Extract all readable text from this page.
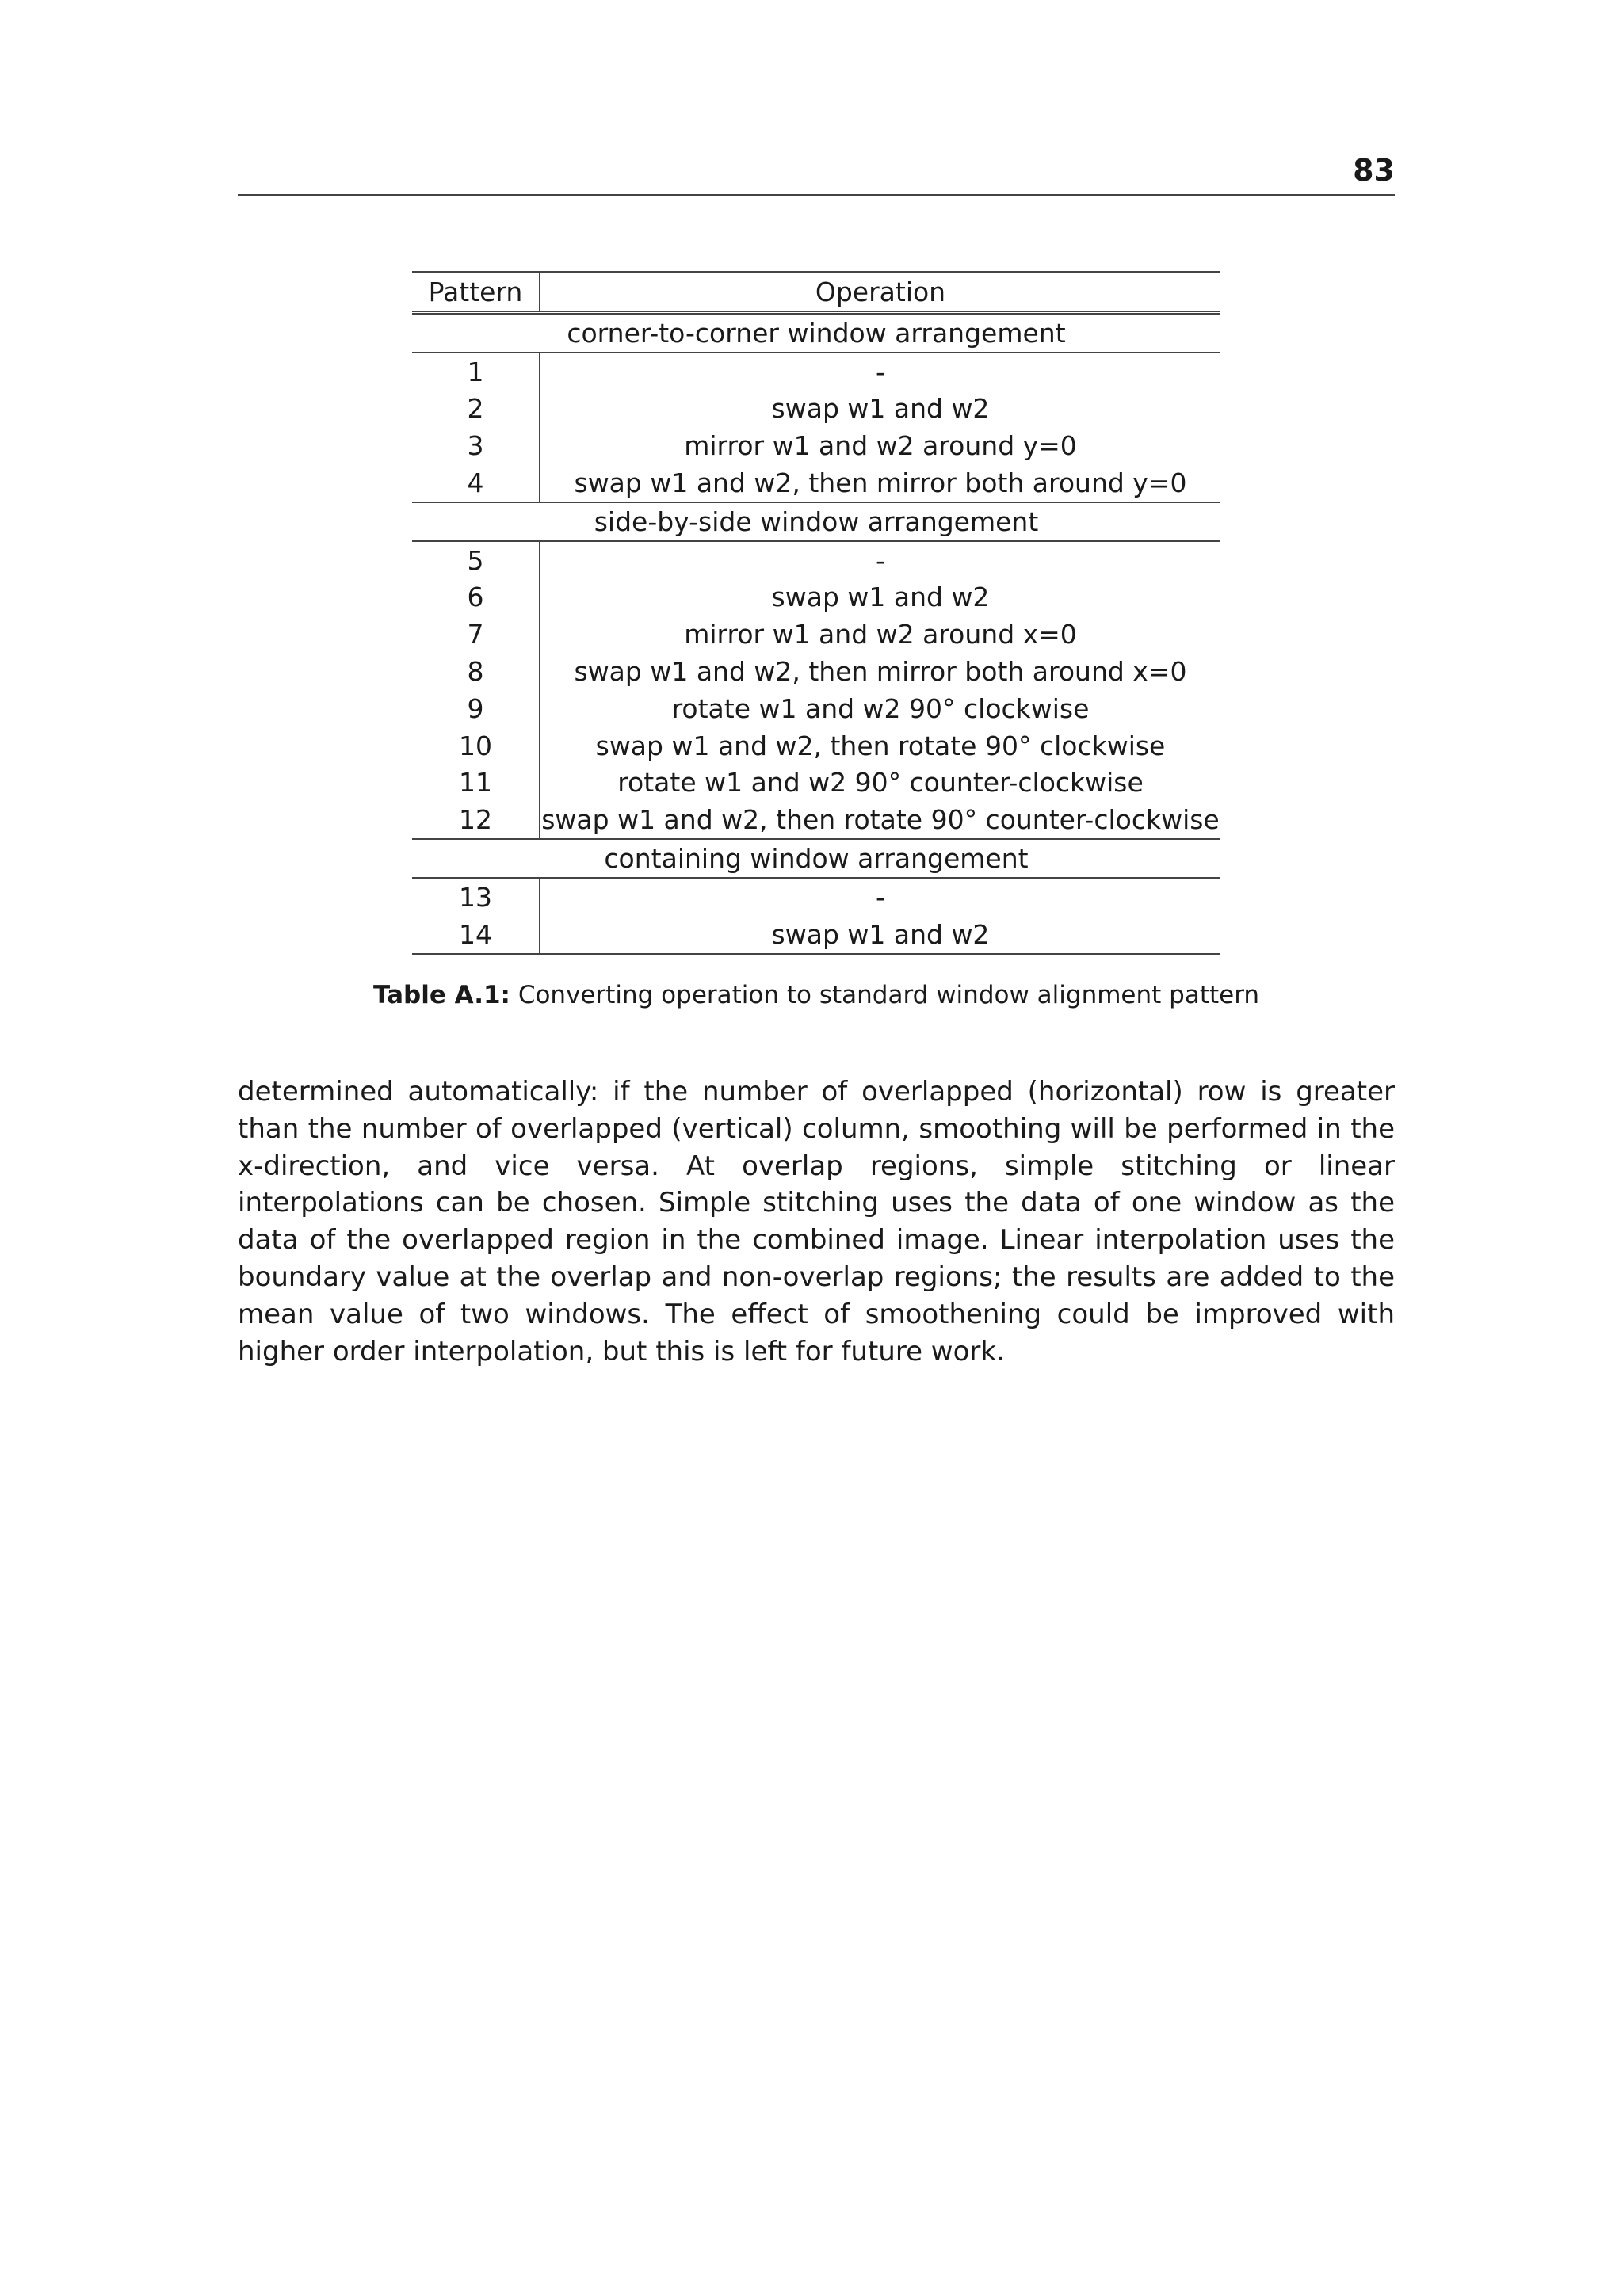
83
Pattern	Operation
corner-to-corner window arrangement	
1	-
2	swap w1 and w2
3	mirror w1 and w2 around y=0
4	swap w1 and w2, then mirror both around y=0
side-by-side window arrangement	
5	-
6	swap w1 and w2
7	mirror w1 and w2 around x=0
8	swap w1 and w2, then mirror both around x=0
9	rotate w1 and w2 90° clockwise
10	swap w1 and w2, then rotate 90° clockwise
11	rotate w1 and w2 90° counter-clockwise
12	swap w1 and w2, then rotate 90° counter-clockwise
containing window arrangement	
13	-
14	swap w1 and w2
Table A.1: Converting operation to standard window alignment pattern

determined automatically: if the number of overlapped (horizontal) row is greater than the number of overlapped (vertical) column, smoothing will be performed in the x-direction, and vice versa. At overlap regions, simple stitching or linear interpolations can be chosen. Simple stitching uses the data of one window as the data of the overlapped region in the combined image. Linear interpolation uses the boundary value at the overlap and non-overlap regions; the results are added to the mean value of two windows. The effect of smoothening could be improved with higher order interpolation, but this is left for future work.
